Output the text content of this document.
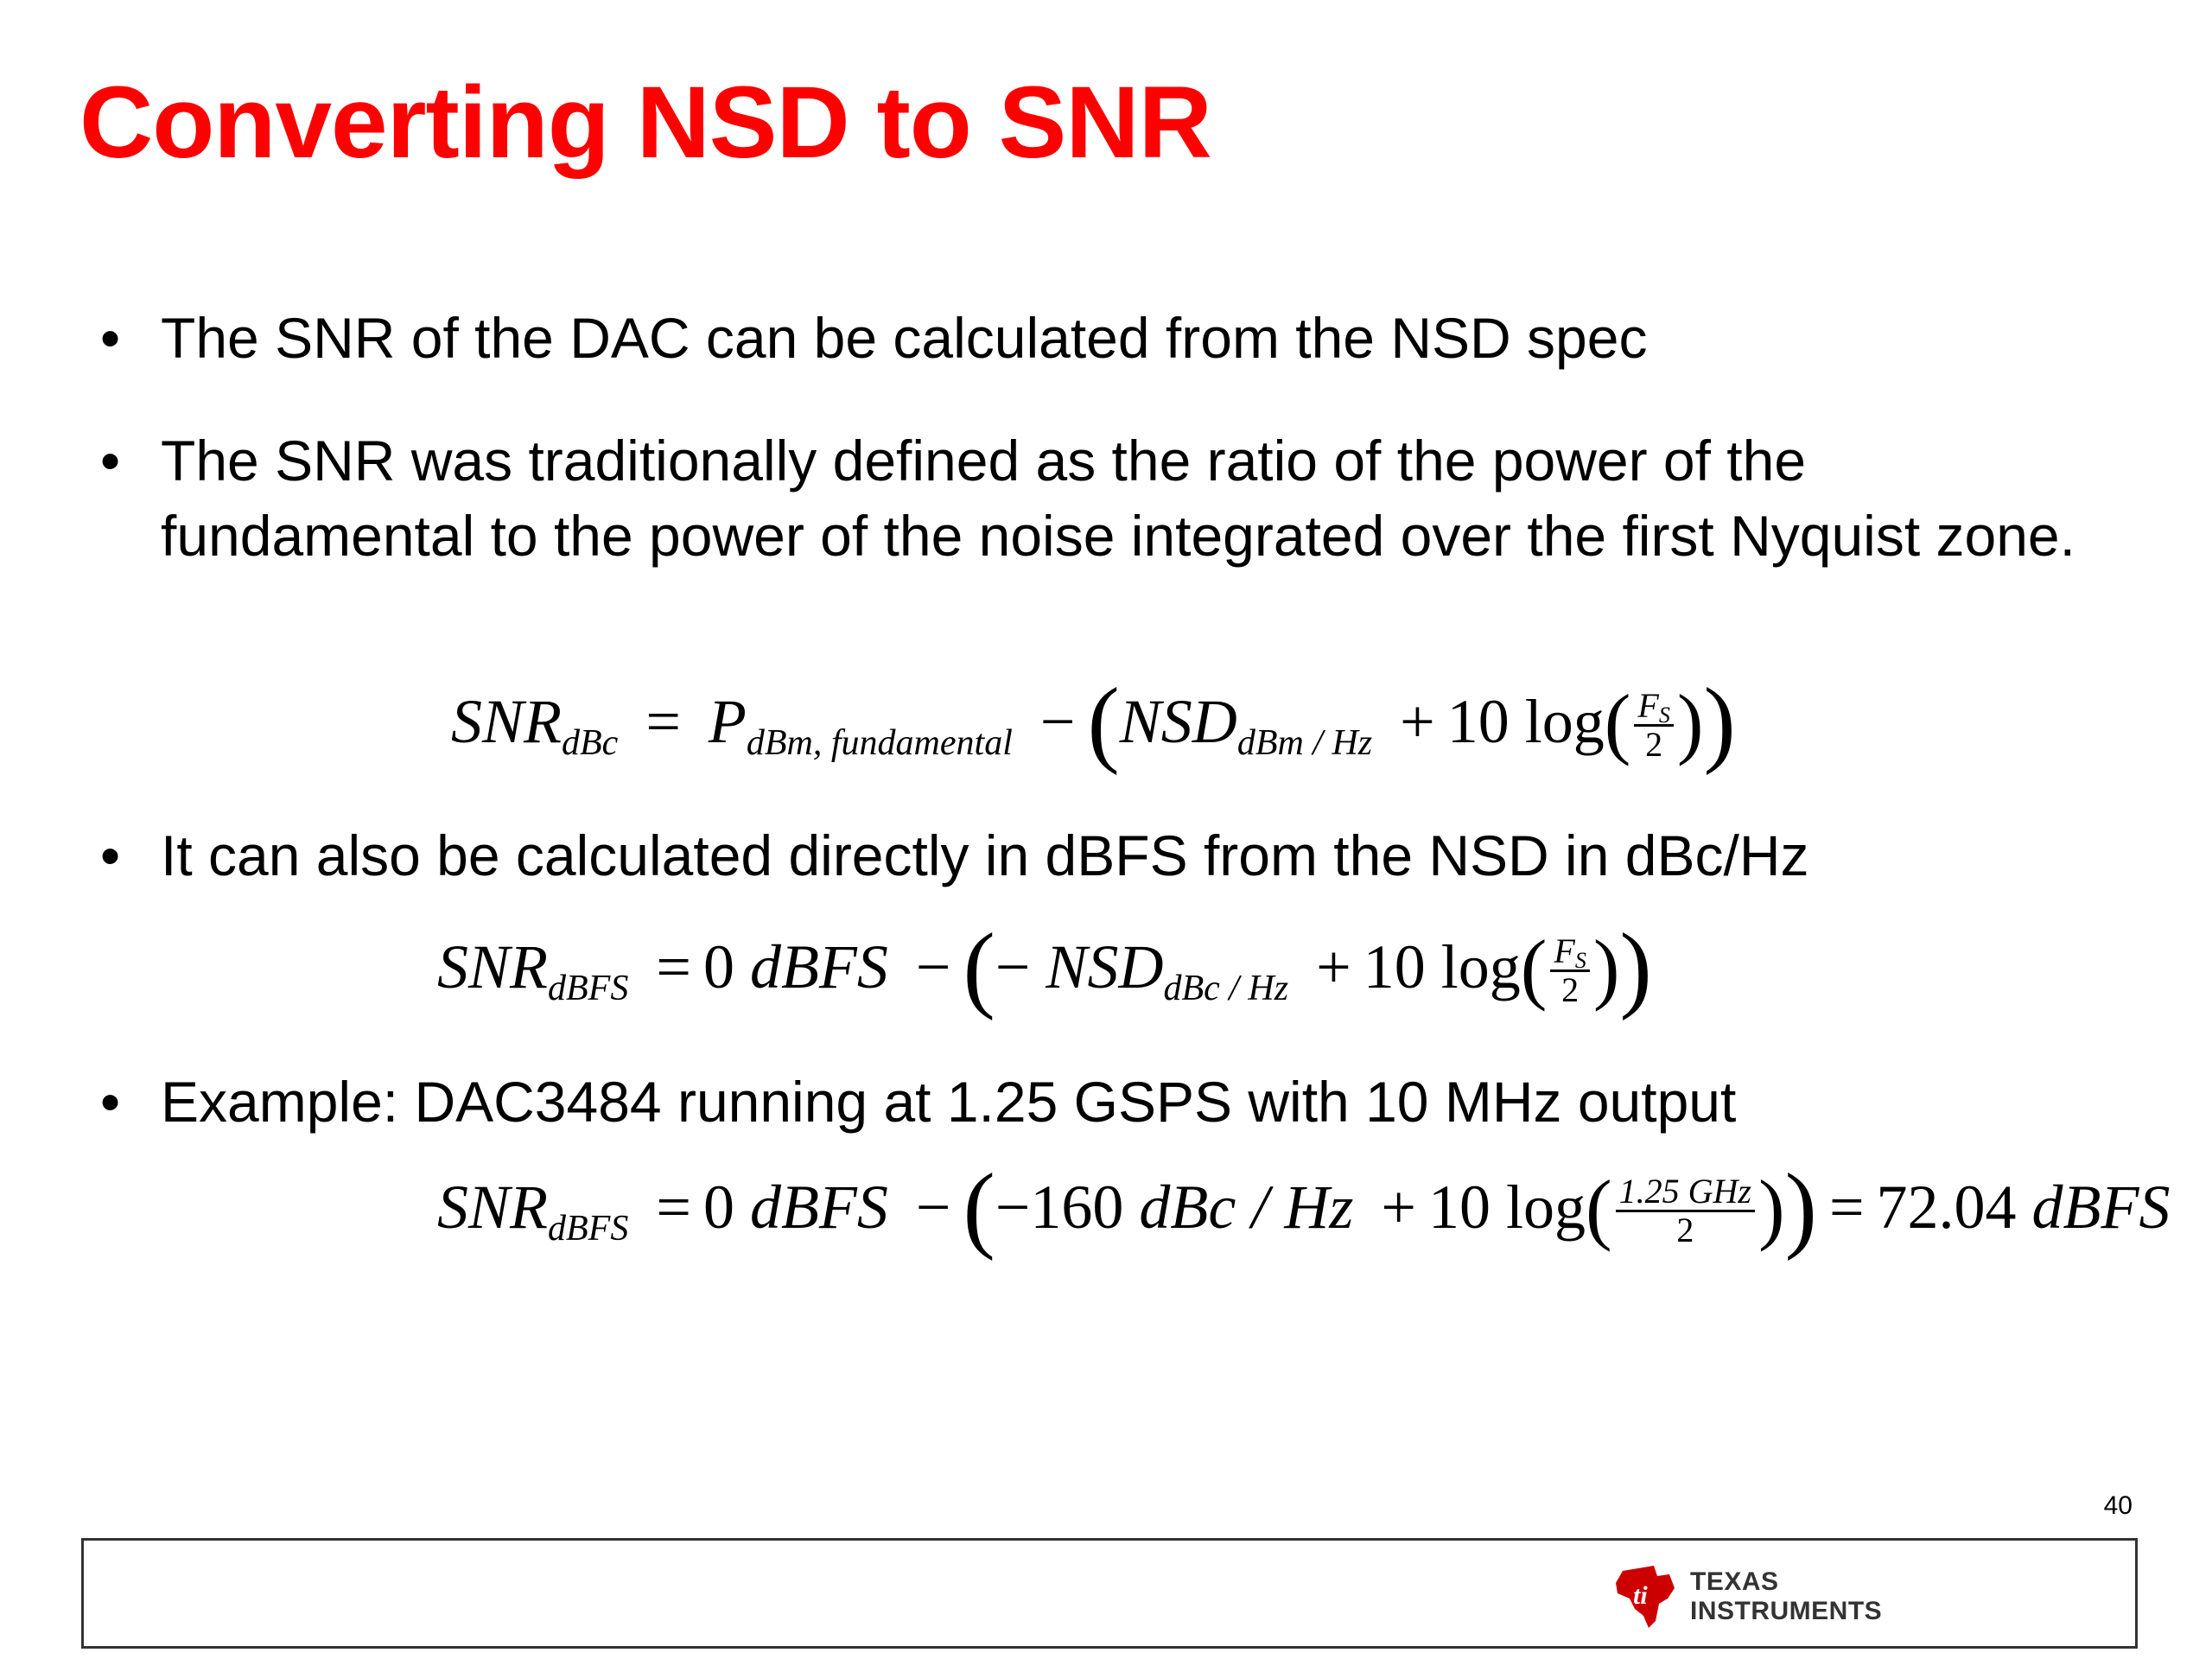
Converting NSD to SNR
• The SNR of the DAC can be calculated from the NSD spec
• The SNR was traditionally defined as the ratio of the power of the fundamental to the power of the noise integrated over the first Nyquist zone.
$SNR_{dBc} = P_{dBm, fundamental} - (NSD_{dBm / Hz} + 10$ $\log( \frac{F_S}{2}$ ))
• It can also be calculated directly in dBFS from the NSD in dBc/Hz
$SNR_{dBFS} = 0$ dBFS − (− $NSD_{dBc / Hz} + 10$ $\log( \frac{F_S}{2}$ ))
• Example: DAC3484 running at 1.25 GSPS with 10 MHz output
$SNR_{dBFS} = 0$ dBFS − (−160 dBc / Hz + 10 $\log( \frac{\text{1.25 GHz}}{2}$ )) = 72.04 dBFS
40
ti TEXAS
INSTRUMENTS
